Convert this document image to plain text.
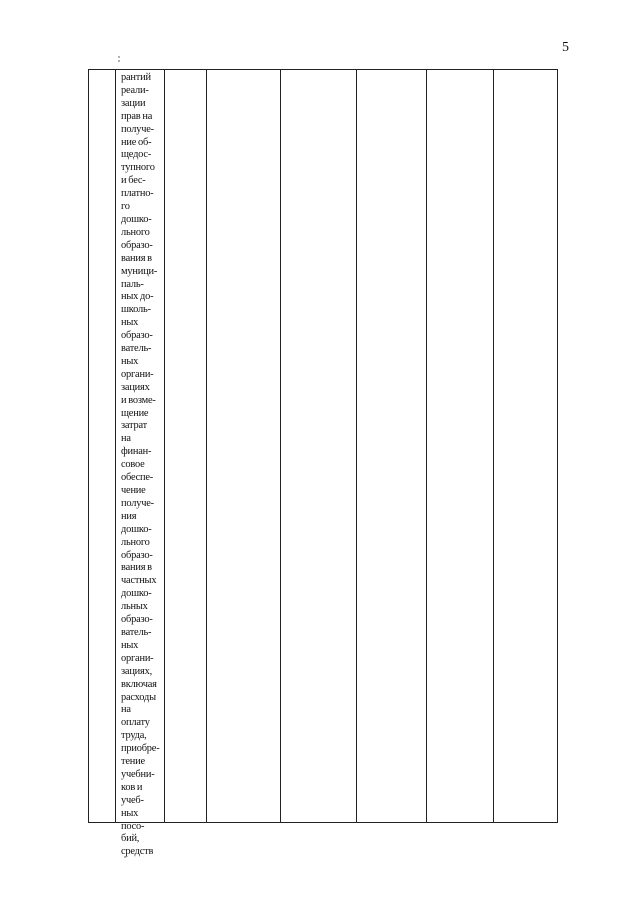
5
рантий
реали-
зации
прав на
получе-
ние об-
щедос-
тупного
и бес-
платно-
го
дошко-
льного
образо-
вания в
муници-
паль-
ных до-
школь-
ных
образо-
ватель-
ных
органи-
зациях
и возме-
щение
затрат
на
финан-
совое
обеспе-
чение
получе-
ния
дошко-
льного
образо-
вания в
частных
дошко-
льных
образо-
ватель-
ных
органи-
зациях,
включая
расходы
на
оплату
труда,
приобре-
тение
учебни-
ков и
учеб-
ных
посо-
бий,
средств
